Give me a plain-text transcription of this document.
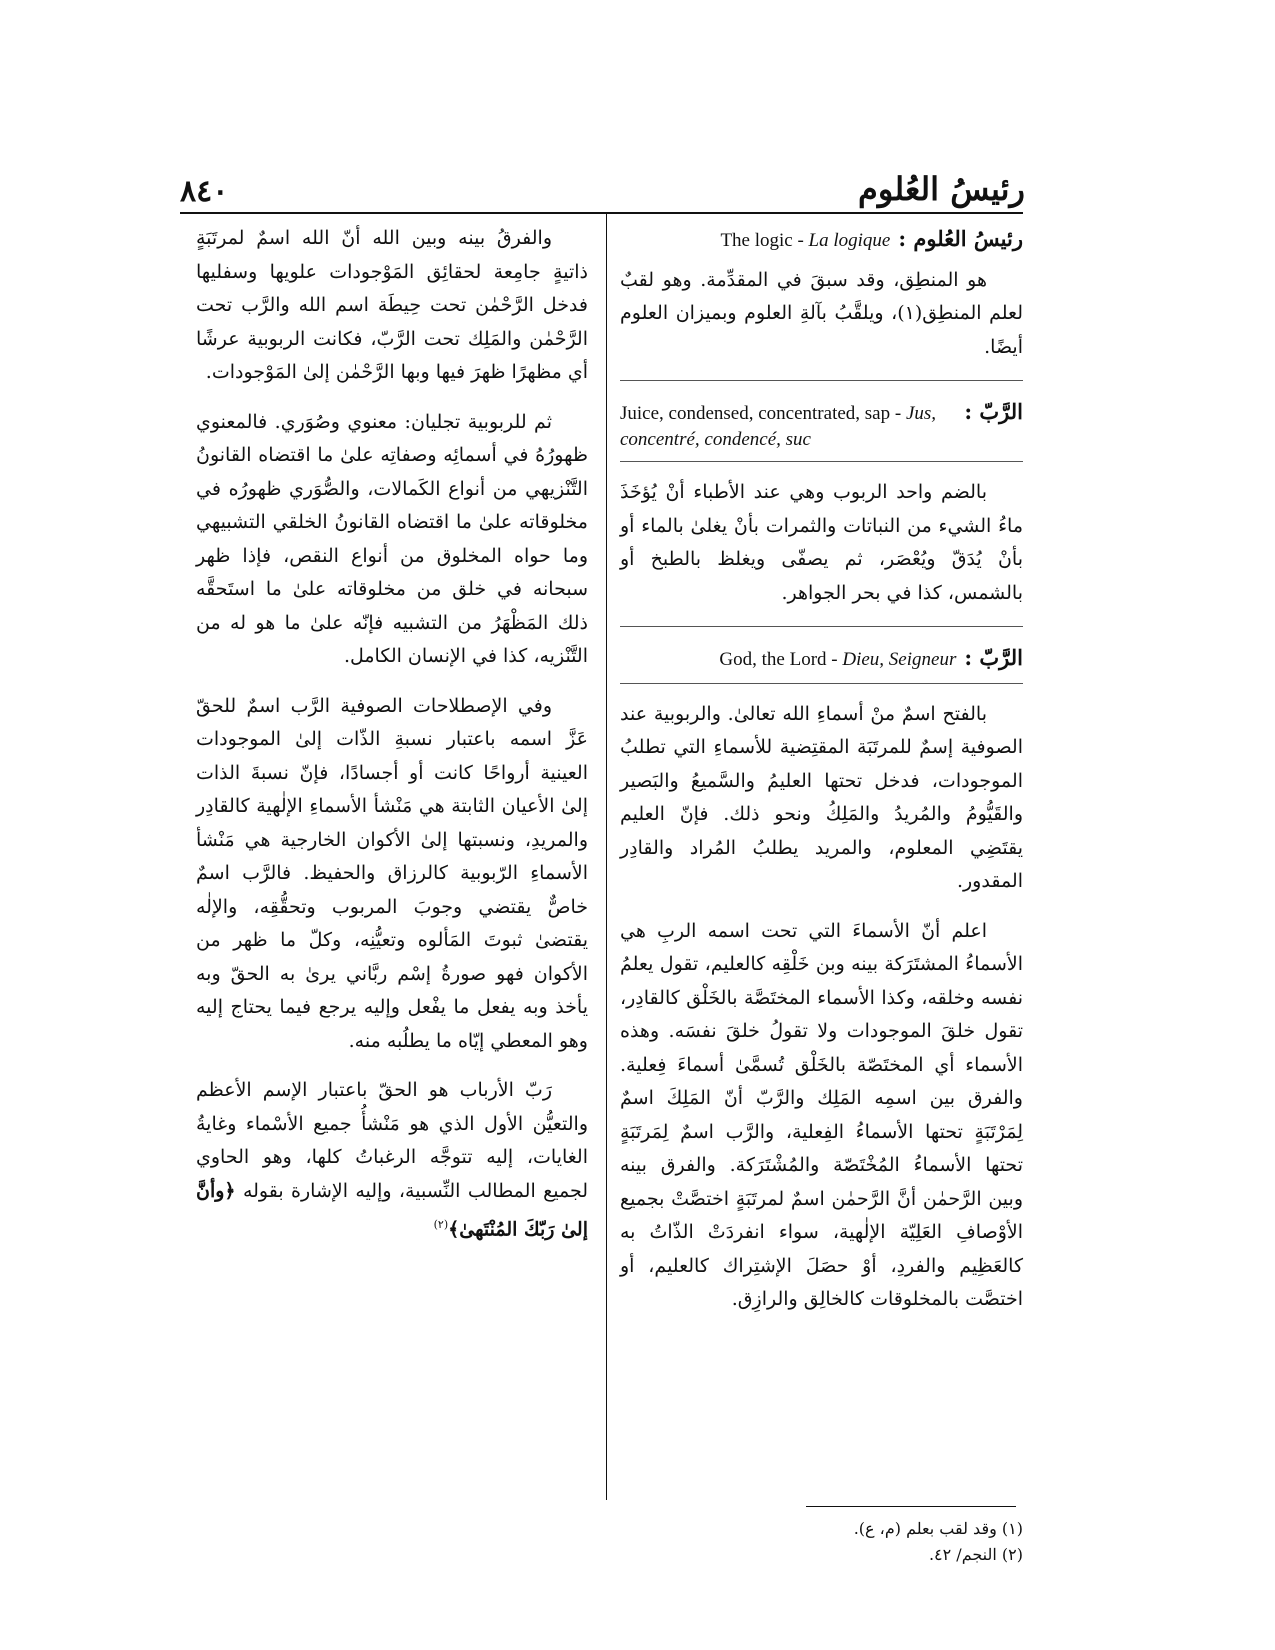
٨٤٠	رئيسُ العُلوم
رئيسُ العُلوم :
The logic - La logique

هو المنطِق، وقد سبقَ في المقدِّمة. وهو لقبٌ لعلم المنطِق(١)، ويلقَّبُ بآلةِ العلوم وبميزان العلوم أيضًا.

الرَّبّ :
Juice, condensed, concentrated, sap - Jus, concentré, condencé, suc

بالضم واحد الربوب وهي عند الأطباء أنْ يُؤخَذَ ماءُ الشيء من النباتات والثمرات بأنْ يغلىٰ بالماء أو بأنْ يُدَقّ ويُعْصَر، ثم يصفّى ويغلظ بالطبخ أو بالشمس، كذا في بحر الجواهر.

الرَّبّ :
God, the Lord - Dieu, Seigneur

بالفتح اسمٌ منْ أسماءِ الله تعالىٰ. والربوبية عند الصوفية إسمٌ للمرتَبَة المقتِضية للأسماءِ التي تطلبُ الموجودات، فدخل تحتها العليمُ والسَّميعُ والبَصير والقَيُّومُ والمُريدُ والمَلِكُ ونحو ذلك. فإنّ العليم يقتَضِي المعلوم، والمريد يطلبُ المُراد والقادِر المقدور.

اعلم أنّ الأسماءَ التي تحت اسمه الربِ هي الأسماءُ المشتَرَكة بينه وبن خَلْقِه كالعليم، تقول يعلمُ نفسه وخلقه، وكذا الأسماء المختَصَّة بالخَلْق كالقادِر، تقول خلقَ الموجودات ولا تقولُ خلقَ نفسَه. وهذه الأسماء أي المختَصّة بالخَلْق تُسمَّىٰ أسماءَ فِعلية. والفرق بين اسمِه المَلِك والرَّبّ أنّ المَلِكَ اسمٌ لِمَرْتَبَةٍ تحتها الأسماءُ الفِعلية، والرَّب اسمٌ لِمَرتَبَةٍ تحتها الأسماءُ المُخْتَصّة والمُشْتَرَكة. والفرق بينه وبين الرَّحمٰن أنَّ الرَّحمٰن اسمٌ لمرتَبَةٍ اختصَّتْ بجميع الأوْصافِ العَلِيّة الإلٰهية، سواء انفردَتْ الذّاتُ به كالعَظِيم والفردِ، أوْ حصَلَ الإشتِراك كالعليم، أو اختصَّت بالمخلوقات كالخالِق والرازِق.

والفرقُ بينه وبين الله أنّ الله اسمٌ لمرتَبَةٍ ذاتيةٍ جامِعة لحقائِق المَوْجودات علويها وسفليها فدخل الرَّحْمٰن تحت حِيطَة اسم الله والرَّب تحت الرَّحْمٰن والمَلِك تحت الرَّبّ، فكانت الربوبية عرشًا أي مظهرًا ظهرَ فيها وبها الرَّحْمٰن إلىٰ المَوْجودات.

ثم للربوبية تجليان: معنوي وصُوَري. فالمعنوي ظهورُهُ في أسمائِه وصفاتِه علىٰ ما اقتضاه القانونُ التَّنْزيهي من أنواع الكَمالات، والصُّوَري ظهورُه في مخلوقاته علىٰ ما اقتضاه القانونُ الخلقي التشبيهي وما حواه المخلوق من أنواع النقص، فإذا ظهر سبحانه في خلق من مخلوقاته علىٰ ما استَحقَّه ذلك المَظْهَرُ من التشبيه فإنّه علىٰ ما هو له من التَّنْزيه، كذا في الإنسان الكامل.

وفي الإصطلاحات الصوفية الرَّب اسمٌ للحقّ عَزَّ اسمه باعتبار نسبةِ الذّات إلىٰ الموجودات العينية أرواحًا كانت أو أجسادًا، فإنّ نسبةَ الذات إلىٰ الأعيان الثابتة هي مَنْشأ الأسماءِ الإلٰهية كالقادِر والمريدِ، ونسبتها إلىٰ الأكوان الخارجية هي مَنْشأ الأسماءِ الرّبوبية كالرزاق والحفيظ. فالرَّب اسمٌ خاصٌّ يقتضي وجوبَ المربوب وتحقُّقِه، والإلٰه يقتضىٰ ثبوتَ المَألوه وتعيُّنِه، وكلّ ما ظهر من الأكوان فهو صورةُ إسْم ربَّاني يرىٰ به الحقّ وبه يأخذ وبه يفعل ما يفْعل وإليه يرجع فيما يحتاج إليه وهو المعطي إيّاه ما يطلُبه منه.

رَبّ الأرباب هو الحقّ باعتبار الإسم الأعظم والتعيُّن الأول الذي هو مَنْشأُ جميع الأسْماء وغايةُ الغايات، إليه تتوجَّه الرغباتُ كلها، وهو الحاوي لجميع المطالب النِّسبية، وإليه الإشارة بقوله ﴿وأنَّ إلىٰ رَبّكَ المُنْتَهىٰ﴾$^{(٢)}$

(١) وقد لقب بعلم (م، ع).
(٢) النجم/ ٤٢.
